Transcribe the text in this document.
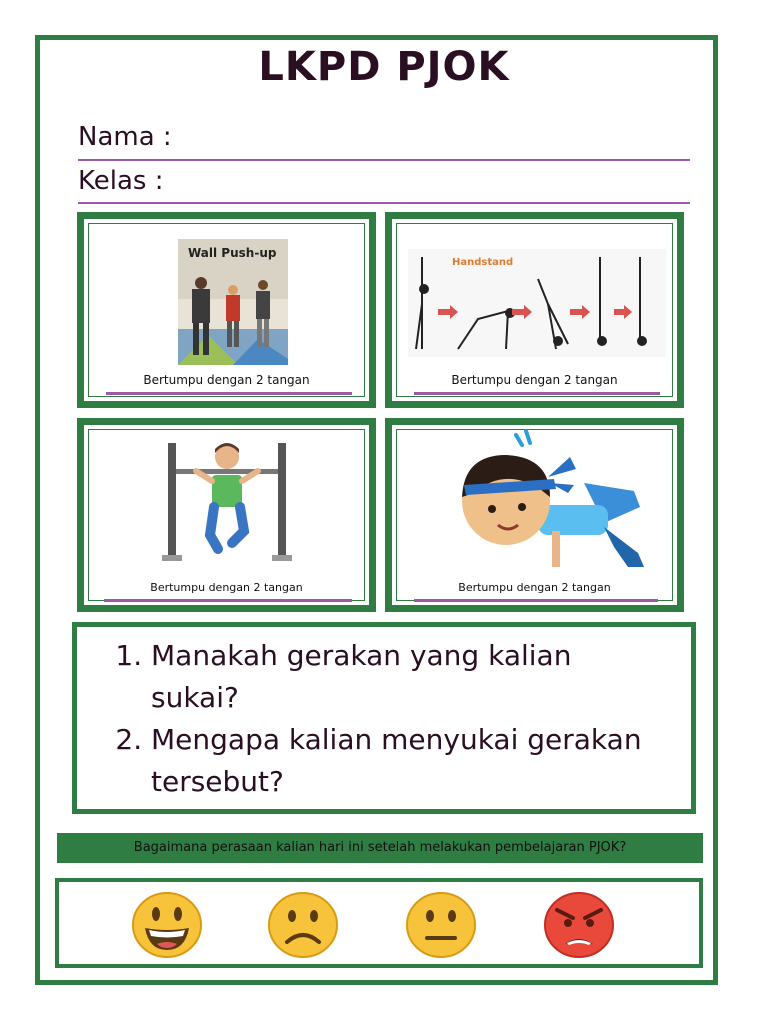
LKPD PJOK
Nama :
Kelas :
Wall Push-up
Bertumpu dengan 2 tangan
Handstand
Bertumpu dengan 2 tangan
Bertumpu dengan 2 tangan	Bertumpu dengan 2 tangan
1. Manakah gerakan yang kalian sukai?
2. Mengapa kalian menyukai gerakan tersebut?
Bagaimana perasaan kalian hari ini setelah melakukan pembelajaran PJOK?
